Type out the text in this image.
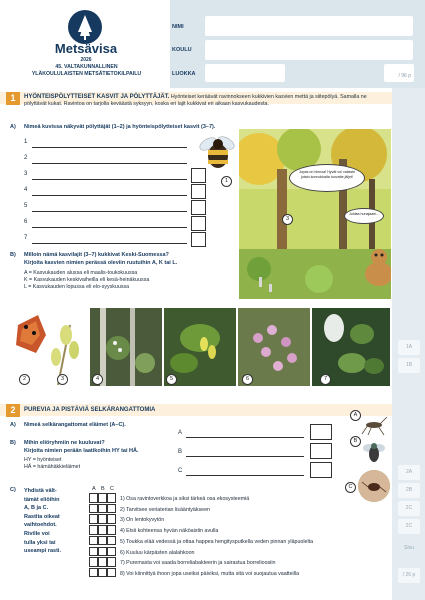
Metsävisa
2026
45. VALTAKUNNALLINEN
YLÄKOULULAISTEN METSÄTIETOKILPAILU
NIMI
KOULU
LUOKKA	/ 96 p
1A
1B
2A
2B
2C
2C
Sivu
/ 26 p
1	HYÖNTEISPÖLYTTEISET KASVIT JA PÖLYTTÄJÄT. Hyönteiset keräävät ravinnokseen kukkivien kasvien mettä ja siitepölyä. Samalla ne pölyttävät kukat. Ravintoa on tarjolla keväästä syksyyn, koska eri lajit kukkivat eri aikaan kasvukaudesta.
A) Nimeä kuvissa näkyvät pölyttäjät (1–2) ja hyönteispölytteiset kasvit (3–7).
1
2
3
4
5
6
7
1
Jopas on hienoa! Hyvät voi vallaste jotain kunnokkaita tuovatte jäljet!
Juhlaa hunajaani...
3
B) Milloin nämä kasvilajit (3–7) kukkivat Keski-Suomessa?
Kirjoita kasvien nimien perässä oleviin ruutuihin A, K tai L.
A = Kasvukauden alussa eli maalis-toukokuussa
K = Kasvukauden keskivaiheilla eli kesä-heinäkuussa
L = Kasvukauden lopussa eli elo-syyskuussa
2	3	4	5	6	7
2	PUREVIA JA PISTÄVIÄ SELKÄRANGATTOMIA
A) Nimeä selkärangattomat eläimet (A–C).
B) Mihin eliöryhmiin ne kuuluvat?
Kirjoita nimien perään laatikoihin HY tai HÄ.
HY = hyönteiset
HÄ = hämähäkkieläimet
A
B
C
A
B
C
C) Yhdistä vält-
tämät eliöihin
A, B ja C.
Rastita oikeat
vaihtoehdot.
Riville voi
tulla yksi tai
useampi rasti.
A B C
1) Osa ravintoverkkoa ja siksi tärkeä osa ekosysteemiä
2) Tarvitsee veriaterian lisääntyäkseen
3) On lentokyvytön
4) Etsii kohteensa hyvän näköaistin avulla
5) Toukka elää vedessä ja ottaa happea hengitysputkella veden pinnan yläpuolelta
6) Kuuluu kärpästen alalahkoon
7) Puremasta voi saada borreliabakteerin ja sairastua borrelioosiin
8) Voi kiinnittyä ihoon jopa useiksi päiviksi, mutta sitä voi suojautua vaatteilla
